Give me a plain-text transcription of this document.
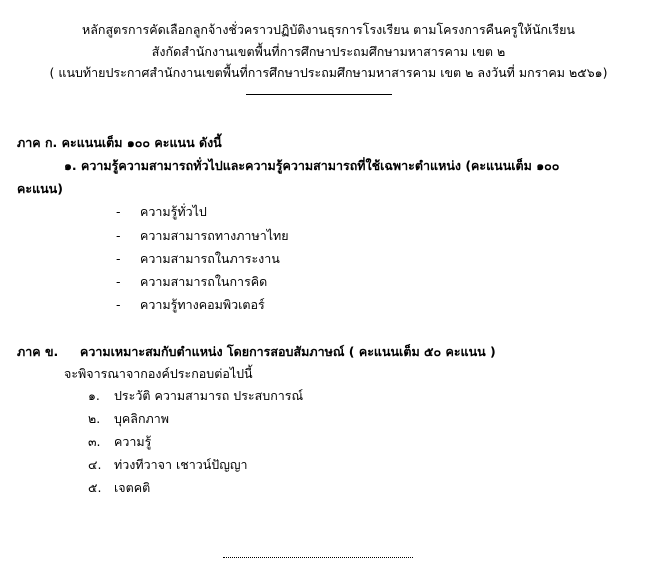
หลักสูตรการคัดเลือกลูกจ้างชั่วคราวปฏิบัติงานธุรการโรงเรียน ตามโครงการคืนครูให้นักเรียน
สังกัดสำนักงานเขตพื้นที่การศึกษาประถมศึกษามหาสารคาม เขต ๒
( แนบท้ายประกาศสำนักงานเขตพื้นที่การศึกษาประถมศึกษามหาสารคาม เขต ๒ ลงวันที่ มกราคม ๒๕๖๑)
ภาค ก. คะแนนเต็ม ๑๐๐ คะแนน ดังนี้
๑. ความรู้ความสามารถทั่วไปและความรู้ความสามารถที่ใช้เฉพาะตำแหน่ง (คะแนนเต็ม ๑๐๐
คะแนน)
- ความรู้ทั่วไป
- ความสามารถทางภาษาไทย
- ความสามารถในภาระงาน
- ความสามารถในการคิด
- ความรู้ทางคอมพิวเตอร์
ภาค ข. ความเหมาะสมกับตำแหน่ง โดยการสอบสัมภาษณ์ ( คะแนนเต็ม ๕๐ คะแนน )
จะพิจารณาจากองค์ประกอบต่อไปนี้
๑. ประวัติ ความสามารถ ประสบการณ์
๒. บุคลิกภาพ
๓. ความรู้
๔. ท่วงทีวาจา เชาวน์ปัญญา
๕. เจตคติ
